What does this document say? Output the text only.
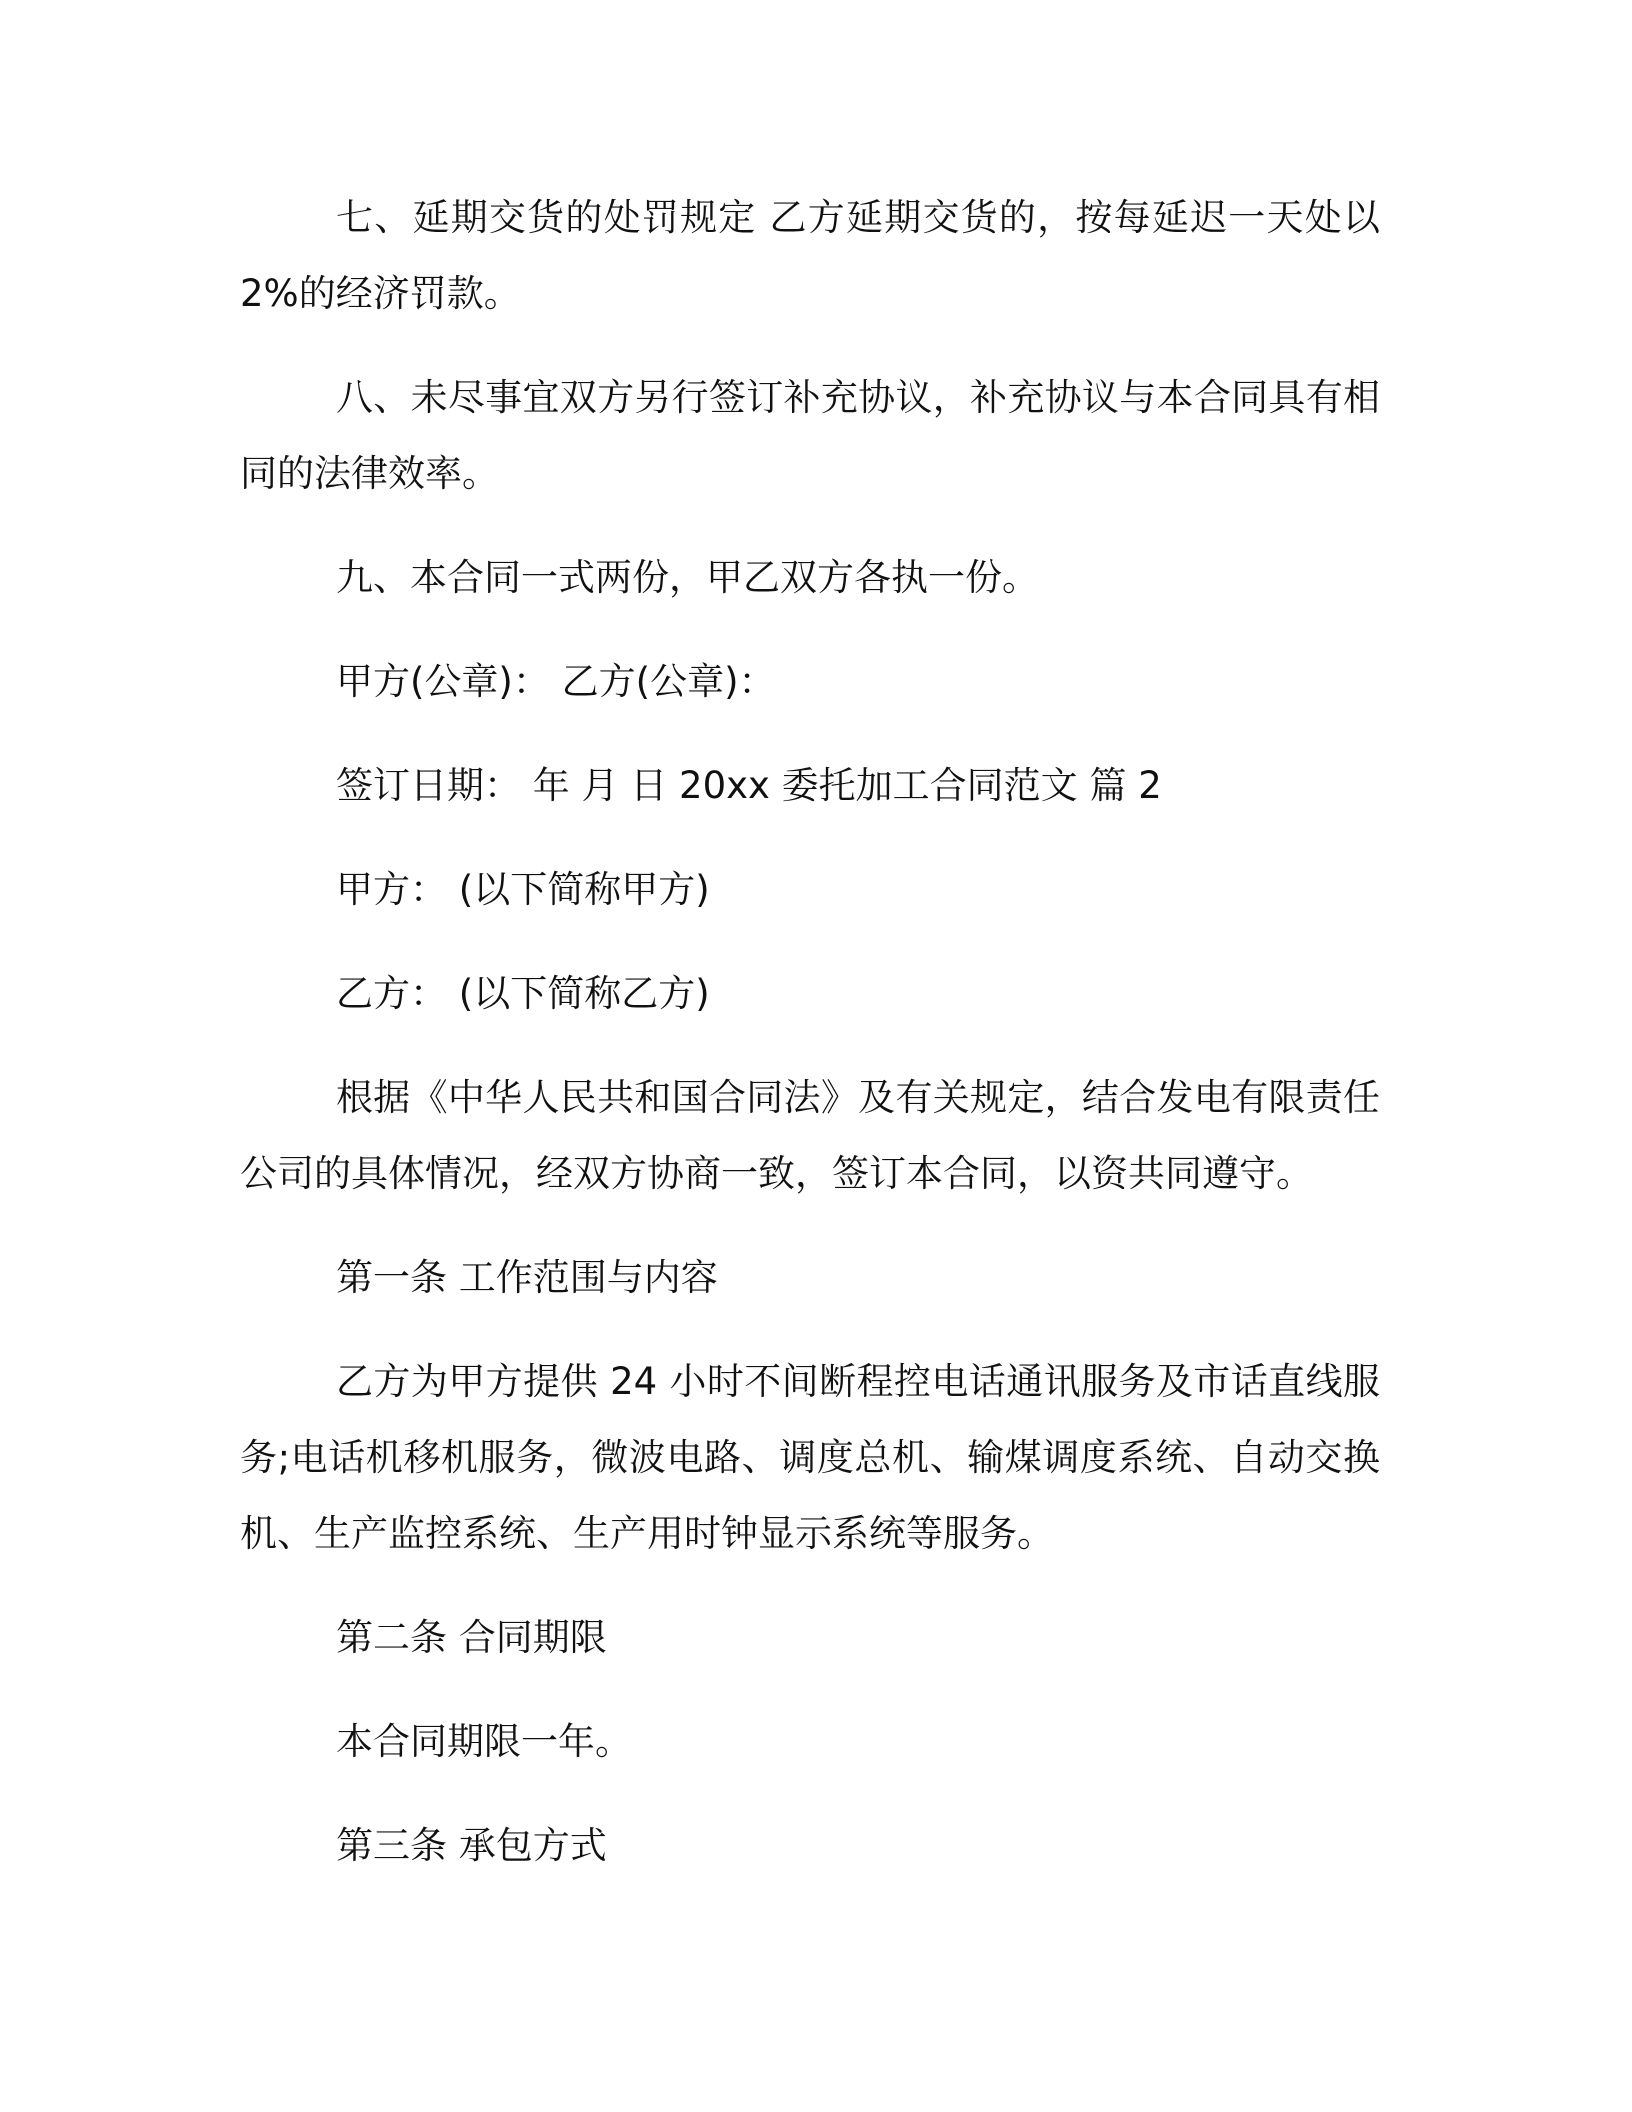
七、延期交货的处罚规定 乙方延期交货的，按每延迟一天处以 2%的经济罚款。

八、未尽事宜双方另行签订补充协议，补充协议与本合同具有相同的法律效率。

九、本合同一式两份，甲乙双方各执一份。

甲方(公章)： 乙方(公章)：

签订日期： 年 月 日 20xx 委托加工合同范文 篇 2

甲方： (以下简称甲方)

乙方： (以下简称乙方)

根据《中华人民共和国合同法》及有关规定，结合发电有限责任公司的具体情况，经双方协商一致，签订本合同，以资共同遵守。

第一条 工作范围与内容

乙方为甲方提供 24 小时不间断程控电话通讯服务及市话直线服务;电话机移机服务，微波电路、调度总机、输煤调度系统、自动交换机、生产监控系统、生产用时钟显示系统等服务。

第二条 合同期限

本合同期限一年。

第三条 承包方式
